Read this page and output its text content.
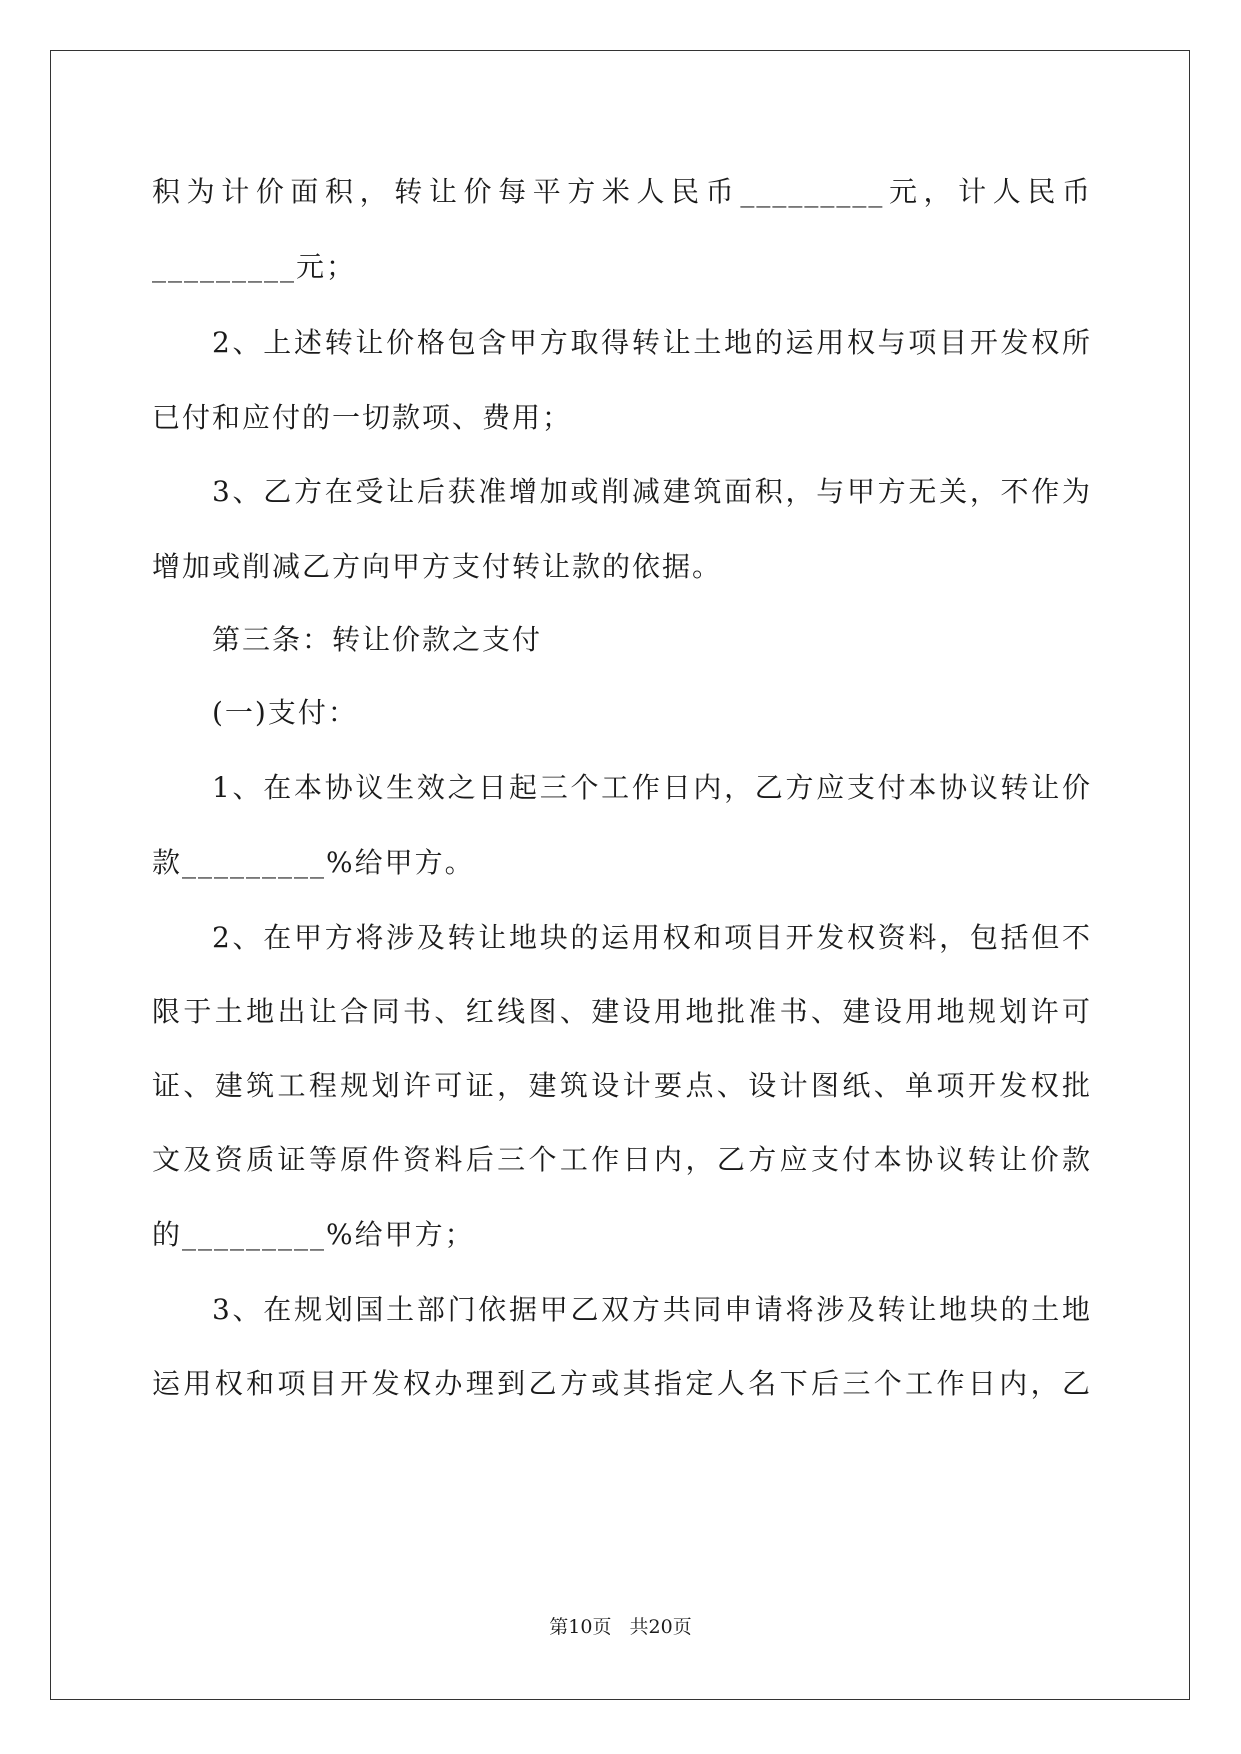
积为计价面积，转让价每平方米人民币_________元，计人民币
_________元；
2、上述转让价格包含甲方取得转让土地的运用权与项目开发权所
已付和应付的一切款项、费用；
3、乙方在受让后获准增加或削减建筑面积，与甲方无关，不作为
增加或削减乙方向甲方支付转让款的依据。
第三条：转让价款之支付
(一)支付：
1、在本协议生效之日起三个工作日内，乙方应支付本协议转让价
款_________%给甲方。
2、在甲方将涉及转让地块的运用权和项目开发权资料，包括但不
限于土地出让合同书、红线图、建设用地批准书、建设用地规划许可
证、建筑工程规划许可证，建筑设计要点、设计图纸、单项开发权批
文及资质证等原件资料后三个工作日内，乙方应支付本协议转让价款
的_________%给甲方；
3、在规划国土部门依据甲乙双方共同申请将涉及转让地块的土地
运用权和项目开发权办理到乙方或其指定人名下后三个工作日内，乙
第10页 共20页
